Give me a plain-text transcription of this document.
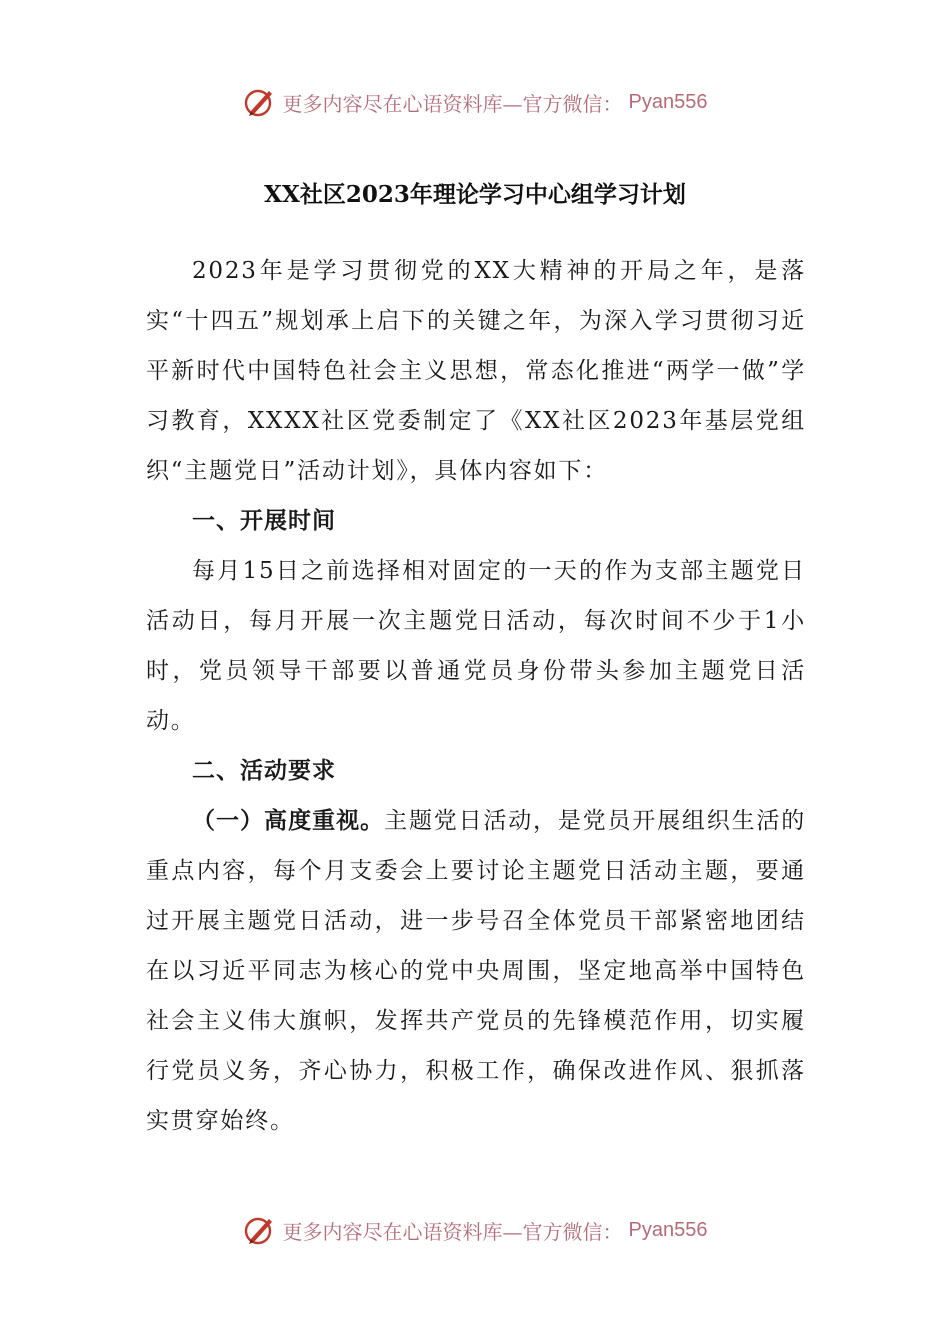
更多内容尽在心语资料库—官方微信： Pyan556
XX社区2023年理论学习中心组学习计划

2023年是学习贯彻党的XX大精神的开局之年，是落实“十四五”规划承上启下的关键之年，为深入学习贯彻习近平新时代中国特色社会主义思想，常态化推进“两学一做”学习教育，XXXX社区党委制定了《XX社区2023年基层党组织“主题党日”活动计划》，具体内容如下：

一、开展时间

每月15日之前选择相对固定的一天的作为支部主题党日活动日，每月开展一次主题党日活动，每次时间不少于1小时，党员领导干部要以普通党员身份带头参加主题党日活动。

二、活动要求

（一）高度重视。主题党日活动，是党员开展组织生活的重点内容，每个月支委会上要讨论主题党日活动主题，要通过开展主题党日活动，进一步号召全体党员干部紧密地团结在以习近平同志为核心的党中央周围，坚定地高举中国特色社会主义伟大旗帜，发挥共产党员的先锋模范作用，切实履行党员义务，齐心协力，积极工作，确保改进作风、狠抓落实贯穿始终。

更多内容尽在心语资料库—官方微信： Pyan556
